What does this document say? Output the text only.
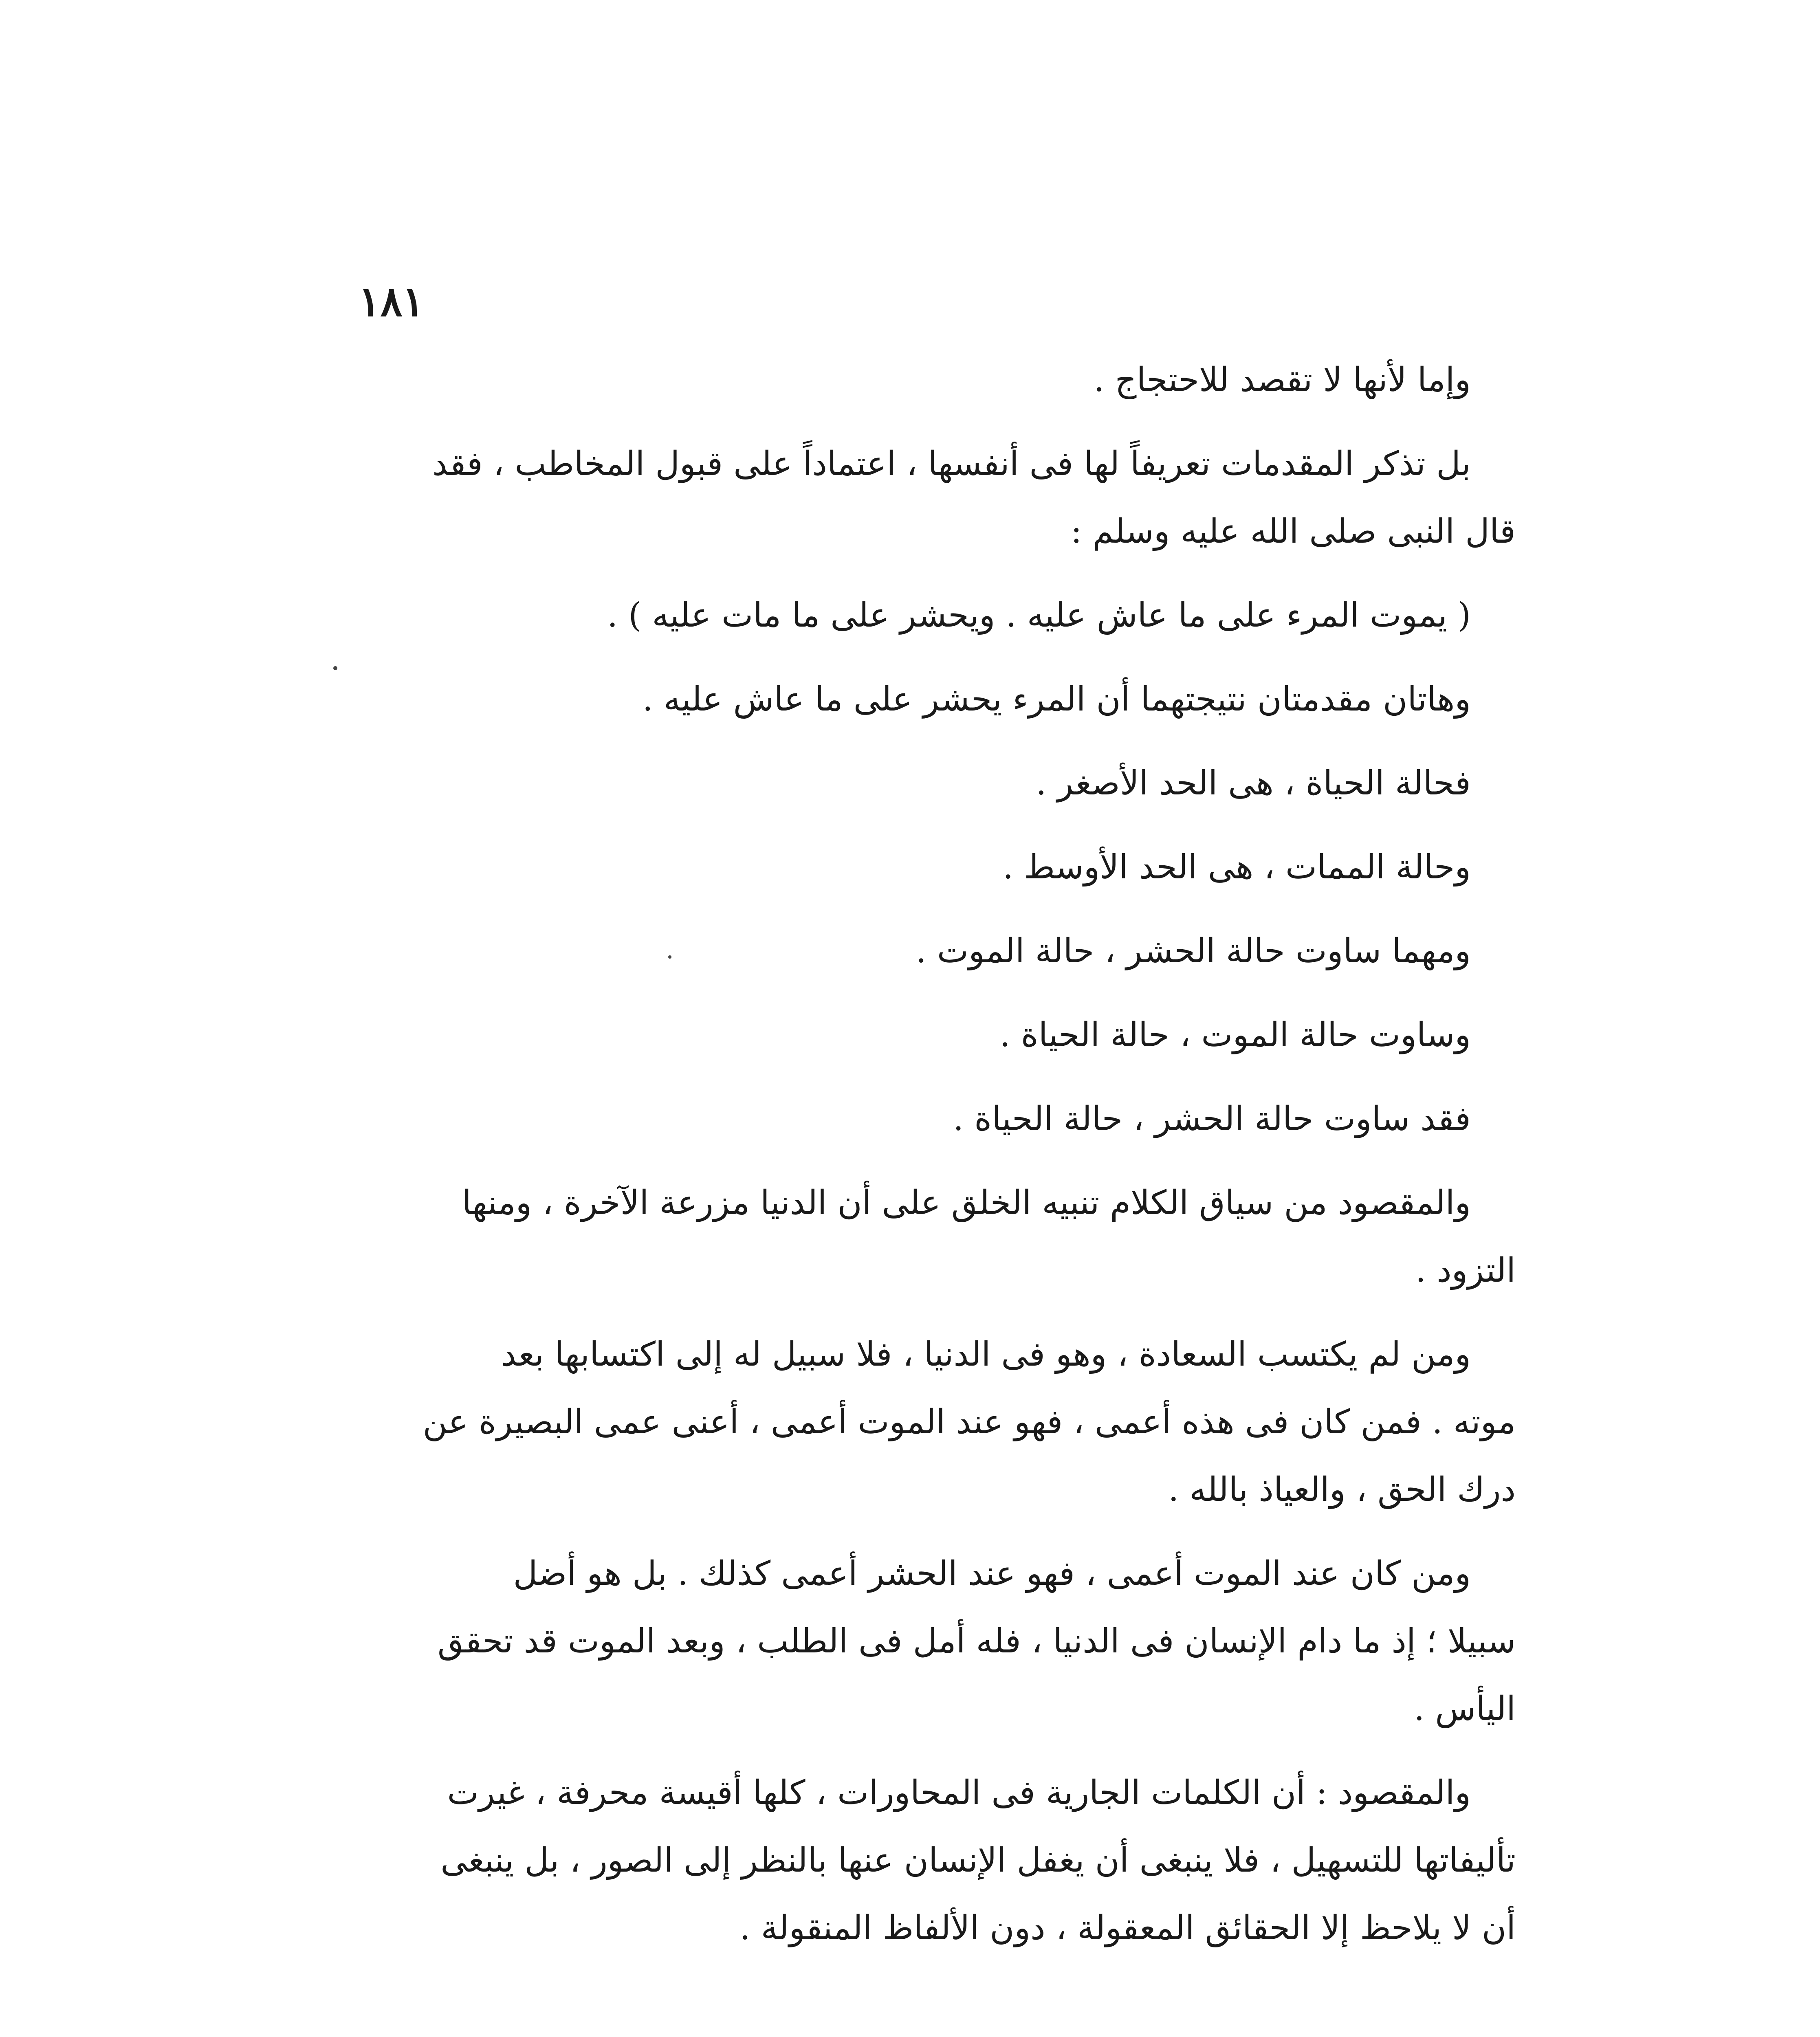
١٨١
وإما لأنها لا تقصد للاحتجاج .
بل تذكر المقدمات تعريفاً لها فى أنفسها ، اعتماداً على قبول المخاطب ، فقد
قال النبى صلى الله عليه وسلم :
( يموت المرء على ما عاش عليه . ويحشر على ما مات عليه ) .
وهاتان مقدمتان نتيجتهما أن المرء يحشر على ما عاش عليه .
فحالة الحياة ، هى الحد الأصغر .
وحالة الممات ، هى الحد الأوسط .
ومهما ساوت حالة الحشر ، حالة الموت .
وساوت حالة الموت ، حالة الحياة .
فقد ساوت حالة الحشر ، حالة الحياة .
والمقصود من سياق الكلام تنبيه الخلق على أن الدنيا مزرعة الآخرة ، ومنها
التزود .
ومن لم يكتسب السعادة ، وهو فى الدنيا ، فلا سبيل له إلى اكتسابها بعد
موته . فمن كان فى هذه أعمى ، فهو عند الموت أعمى ، أعنى عمى البصيرة عن
درك الحق ، والعياذ بالله .
ومن كان عند الموت أعمى ، فهو عند الحشر أعمى كذلك . بل هو أضل
سبيلا ؛ إذ ما دام الإنسان فى الدنيا ، فله أمل فى الطلب ، وبعد الموت قد تحقق
اليأس .
والمقصود : أن الكلمات الجارية فى المحاورات ، كلها أقيسة محرفة ، غيرت
تأليفاتها للتسهيل ، فلا ينبغى أن يغفل الإنسان عنها بالنظر إلى الصور ، بل ينبغى
أن لا يلاحظ إلا الحقائق المعقولة ، دون الألفاظ المنقولة .
